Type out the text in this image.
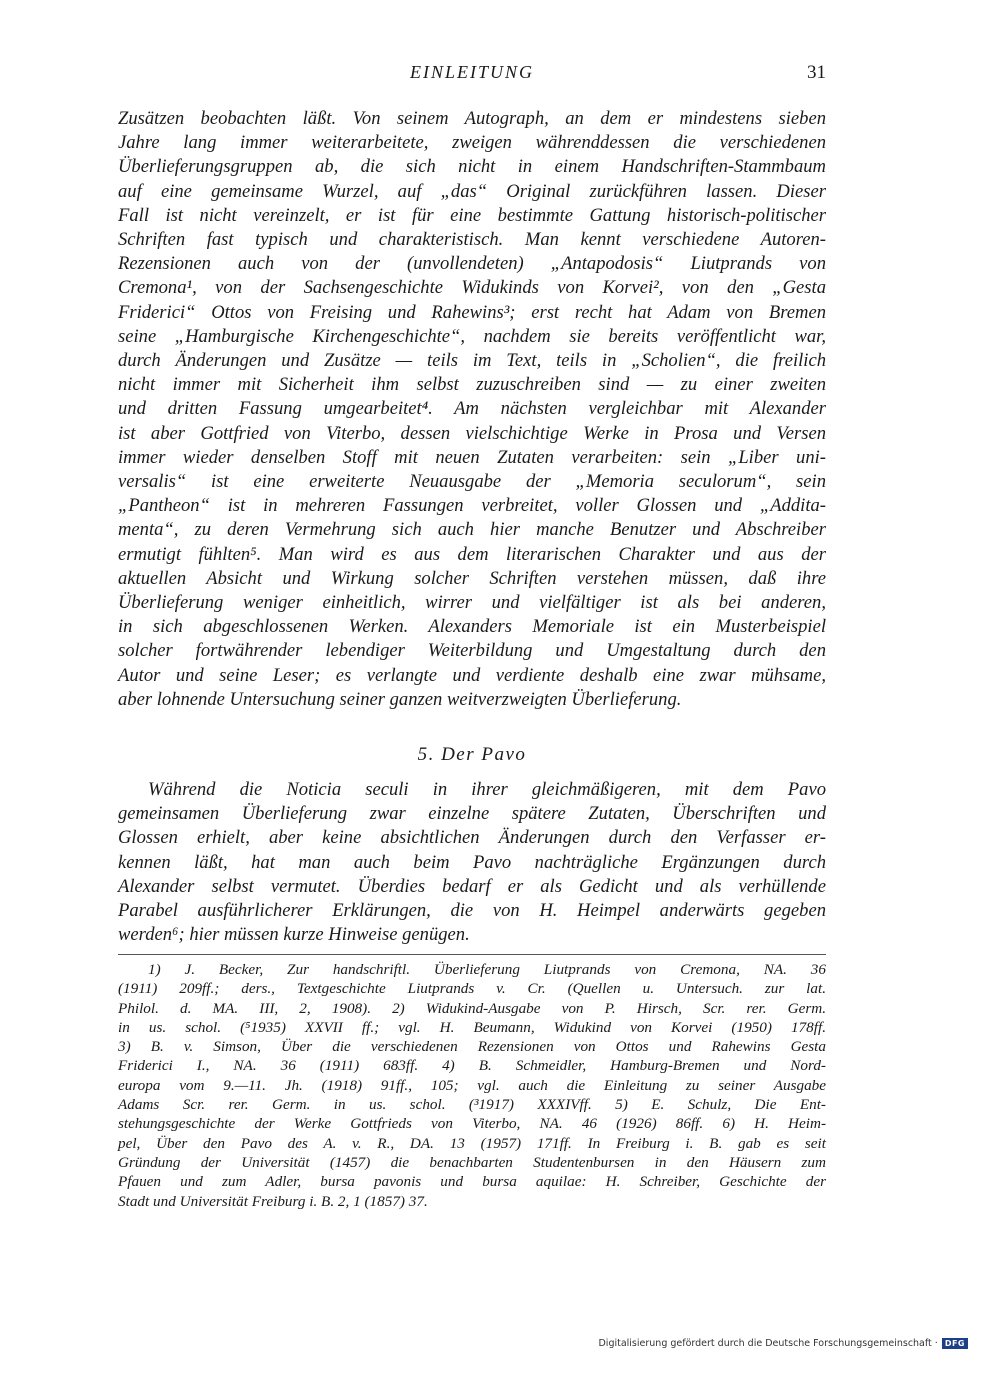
EINLEITUNG	31
Zusätzen beobachten läßt. Von seinem Autograph, an dem er mindestens sieben
Jahre lang immer weiterarbeitete, zweigen währenddessen die verschiedenen
Überlieferungsgruppen ab, die sich nicht in einem Handschriften-Stammbaum
auf eine gemeinsame Wurzel, auf „das“ Original zurückführen lassen. Dieser
Fall ist nicht vereinzelt, er ist für eine bestimmte Gattung historisch-politischer
Schriften fast typisch und charakteristisch. Man kennt verschiedene Autoren-
Rezensionen auch von der (unvollendeten) „Antapodosis“ Liutprands von
Cremona¹, von der Sachsengeschichte Widukinds von Korvei², von den „Gesta
Friderici“ Ottos von Freising und Rahewins³; erst recht hat Adam von Bremen
seine „Hamburgische Kirchengeschichte“, nachdem sie bereits veröffentlicht war,
durch Änderungen und Zusätze — teils im Text, teils in „Scholien“, die freilich
nicht immer mit Sicherheit ihm selbst zuzuschreiben sind — zu einer zweiten
und dritten Fassung umgearbeitet⁴. Am nächsten vergleichbar mit Alexander
ist aber Gottfried von Viterbo, dessen vielschichtige Werke in Prosa und Versen
immer wieder denselben Stoff mit neuen Zutaten verarbeiten: sein „Liber uni-
versalis“ ist eine erweiterte Neuausgabe der „Memoria seculorum“, sein
„Pantheon“ ist in mehreren Fassungen verbreitet, voller Glossen und „Additа-
menta“, zu deren Vermehrung sich auch hier manche Benutzer und Abschreiber
ermutigt fühlten⁵. Man wird es aus dem literarischen Charakter und aus der
aktuellen Absicht und Wirkung solcher Schriften verstehen müssen, daß ihre
Überlieferung weniger einheitlich, wirrer und vielfältiger ist als bei anderen,
in sich abgeschlossenen Werken. Alexanders Memoriale ist ein Musterbeispiel
solcher fortwährender lebendiger Weiterbildung und Umgestaltung durch den
Autor und seine Leser; es verlangte und verdiente deshalb eine zwar mühsame,
aber lohnende Untersuchung seiner ganzen weitverzweigten Überlieferung.
5. Der Pavo
Während die Noticia seculi in ihrer gleichmäßigeren, mit dem Pavo
gemeinsamen Überlieferung zwar einzelne spätere Zutaten, Überschriften und
Glossen erhielt, aber keine absichtlichen Änderungen durch den Verfasser er-
kennen läßt, hat man auch beim Pavo nachträgliche Ergänzungen durch
Alexander selbst vermutet. Überdies bedarf er als Gedicht und als verhüllende
Parabel ausführlicherer Erklärungen, die von H. Heimpel anderwärts gegeben
werden⁶; hier müssen kurze Hinweise genügen.
1) J. Becker, Zur handschriftl. Überlieferung Liutprands von Cremona, NA. 36
(1911) 209ff.; ders., Textgeschichte Liutprands v. Cr. (Quellen u. Untersuch. zur lat.
Philol. d. MA. III, 2, 1908). 2) Widukind-Ausgabe von P. Hirsch, Scr. rer. Germ.
in us. schol. (⁵1935) XXVII ff.; vgl. H. Beumann, Widukind von Korvei (1950) 178ff.
3) B. v. Simson, Über die verschiedenen Rezensionen von Ottos und Rahewins Gesta
Friderici I., NA. 36 (1911) 683ff. 4) B. Schmeidler, Hamburg-Bremen und Nord-
europa vom 9.—11. Jh. (1918) 91ff., 105; vgl. auch die Einleitung zu seiner Ausgabe
Adams Scr. rer. Germ. in us. schol. (³1917) XXXIVff. 5) E. Schulz, Die Ent-
stehungsgeschichte der Werke Gottfrieds von Viterbo, NA. 46 (1926) 86ff. 6) H. Heim-
pel, Über den Pavo des A. v. R., DA. 13 (1957) 171ff. In Freiburg i. B. gab es seit
Gründung der Universität (1457) die benachbarten Studentenbursen in den Häusern zum
Pfauen und zum Adler, bursa pavonis und bursa aquilae: H. Schreiber, Geschichte der
Stadt und Universität Freiburg i. B. 2, 1 (1857) 37.
Digitalisierung gefördert durch die Deutsche Forschungsgemeinschaft · DFG
